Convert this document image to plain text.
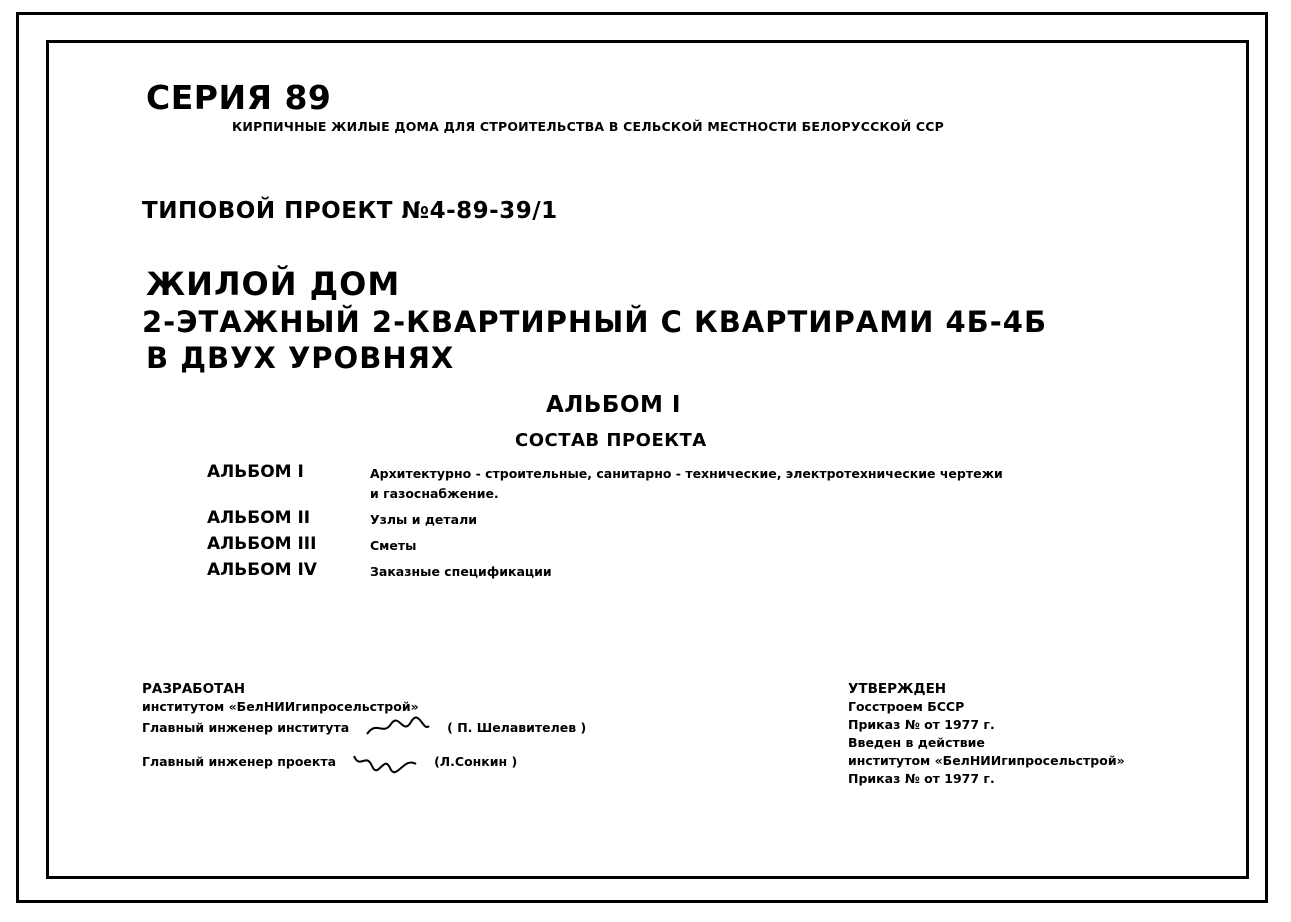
СЕРИЯ 89
КИРПИЧНЫЕ ЖИЛЫЕ ДОМА ДЛЯ СТРОИТЕЛЬСТВА В СЕЛЬСКОЙ МЕСТНОСТИ БЕЛОРУССКОЙ ССР
ТИПОВОЙ ПРОЕКТ №4-89-39/1
ЖИЛОЙ ДОМ
2-ЭТАЖНЫЙ 2-КВАРТИРНЫЙ С КВАРТИРАМИ 4Б-4Б
В ДВУХ УРОВНЯХ
АЛЬБОМ I
СОСТАВ ПРОЕКТА
АЛЬБОМ I	Архитектурно - строительные, санитарно - технические, электротехнические чертежи
и газоснабжение.
АЛЬБОМ II	Узлы и детали
АЛЬБОМ III	Сметы
АЛЬБОМ IV	Заказные спецификации
РАЗРАБОТАН
институтом «БелНИИгипросельстрой»
Главный инженер института	( П. Шелавителев )
Главный инженер проекта	(Л.Сонкин )
УТВЕРЖДЕН
Госстроем БССР
Приказ № от 1977 г.
Введен в действие
институтом «БелНИИгипросельстрой»
Приказ № от 1977 г.
